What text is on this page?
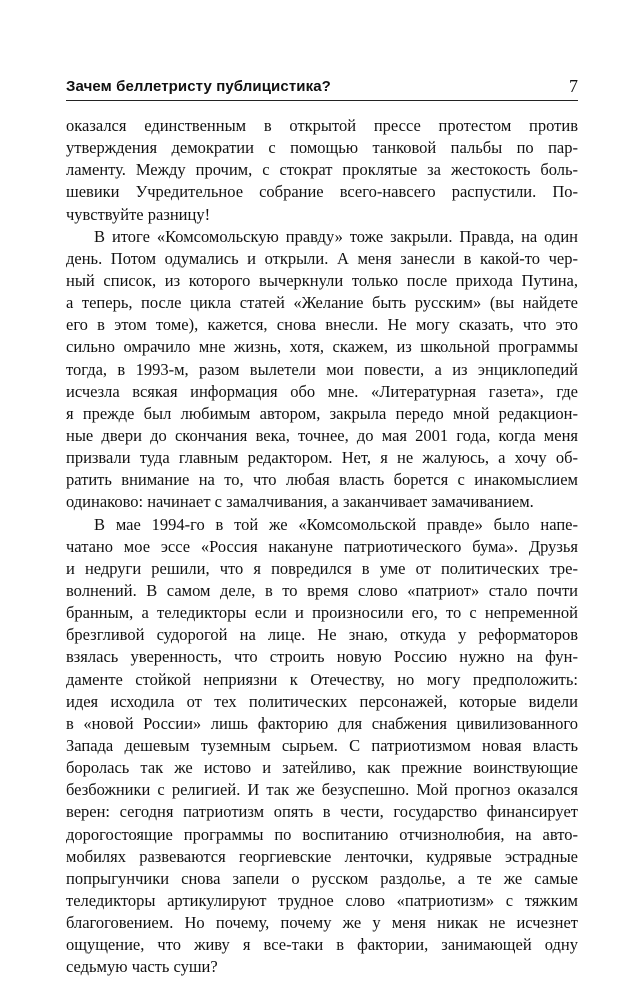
Зачем беллетристу публицистика?	7
оказался единственным в открытой прессе протестом против
утверждения демократии с помощью танковой пальбы по пар-
ламенту. Между прочим, с стократ проклятые за жестокость боль-
шевики Учредительное собрание всего-навсего распустили. По-
чувствуйте разницу!
В итоге «Комсомольскую правду» тоже закрыли. Правда, на один
день. Потом одумались и открыли. А меня занесли в какой-то чер-
ный список, из которого вычеркнули только после прихода Путина,
а теперь, после цикла статей «Желание быть русским» (вы найдете
его в этом томе), кажется, снова внесли. Не могу сказать, что это
сильно омрачило мне жизнь, хотя, скажем, из школьной программы
тогда, в 1993-м, разом вылетели мои повести, а из энциклопедий
исчезла всякая информация обо мне. «Литературная газета», где
я прежде был любимым автором, закрыла передо мной редакцион-
ные двери до скончания века, точнее, до мая 2001 года, когда меня
призвали туда главным редактором. Нет, я не жалуюсь, а хочу об-
ратить внимание на то, что любая власть борется с инакомыслием
одинаково: начинает с замалчивания, а заканчивает замачиванием.
В мае 1994-го в той же «Комсомольской правде» было напе-
чатано мое эссе «Россия накануне патриотического бума». Друзья
и недруги решили, что я повредился в уме от политических тре-
волнений. В самом деле, в то время слово «патриот» стало почти
бранным, а теледикторы если и произносили его, то с непременной
брезгливой судорогой на лице. Не знаю, откуда у реформаторов
взялась уверенность, что строить новую Россию нужно на фун-
даменте стойкой неприязни к Отечеству, но могу предположить:
идея исходила от тех политических персонажей, которые видели
в «новой России» лишь факторию для снабжения цивилизованного
Запада дешевым туземным сырьем. С патриотизмом новая власть
боролась так же истово и затейливо, как прежние воинствующие
безбожники с религией. И так же безуспешно. Мой прогноз оказался
верен: сегодня патриотизм опять в чести, государство финансирует
дорогостоящие программы по воспитанию отчизнолюбия, на авто-
мобилях развеваются георгиевские ленточки, кудрявые эстрадные
попрыгунчики снова запели о русском раздолье, а те же самые
теледикторы артикулируют трудное слово «патриотизм» с тяжким
благоговением. Но почему, почему же у меня никак не исчезнет
ощущение, что живу я все-таки в фактории, занимающей одну
седьмую часть суши?
